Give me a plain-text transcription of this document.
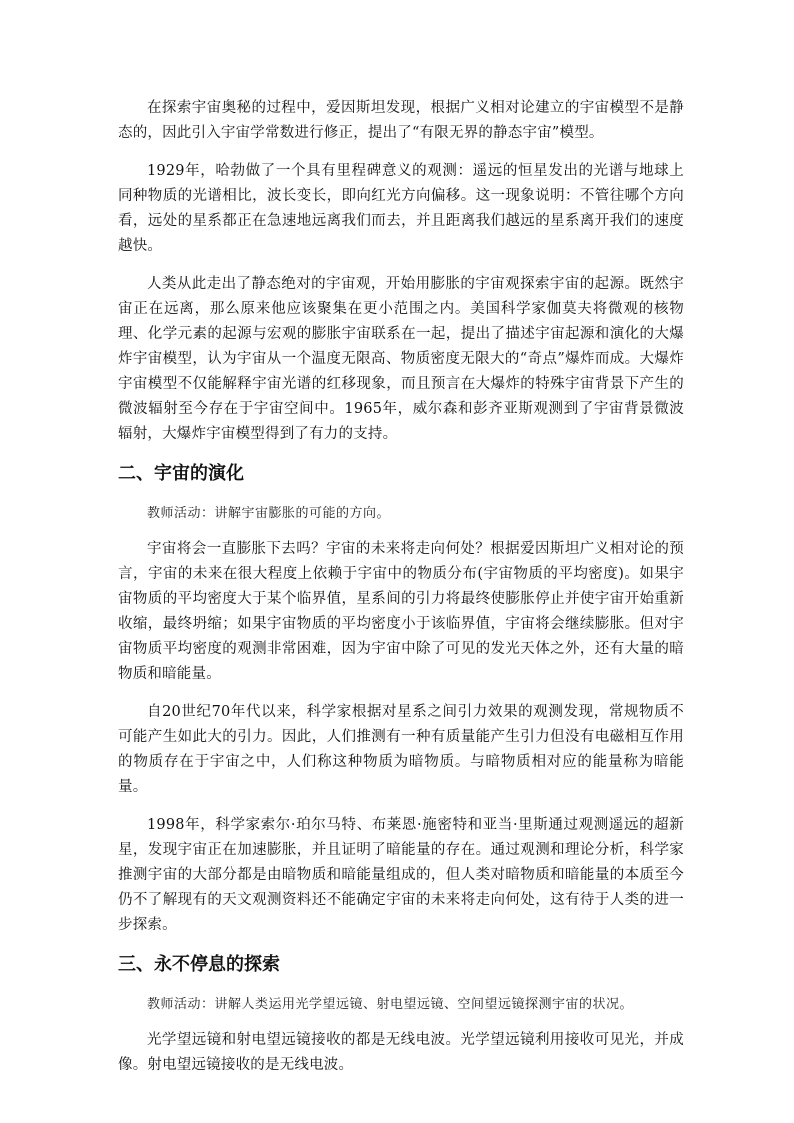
在探索宇宙奥秘的过程中，爱因斯坦发现，根据广义相对论建立的宇宙模型不是静态的，因此引入宇宙学常数进行修正，提出了“有限无界的静态宇宙”模型。

1929年，哈勃做了一个具有里程碑意义的观测：遥远的恒星发出的光谱与地球上同种物质的光谱相比，波长变长，即向红光方向偏移。这一现象说明：不管往哪个方向看，远处的星系都正在急速地远离我们而去，并且距离我们越远的星系离开我们的速度越快。

人类从此走出了静态绝对的宇宙观，开始用膨胀的宇宙观探索宇宙的起源。既然宇宙正在远离，那么原来他应该聚集在更小范围之内。美国科学家伽莫夫将微观的核物理、化学元素的起源与宏观的膨胀宇宙联系在一起，提出了描述宇宙起源和演化的大爆炸宇宙模型，认为宇宙从一个温度无限高、物质密度无限大的“奇点”爆炸而成。大爆炸宇宙模型不仅能解释宇宙光谱的红移现象，而且预言在大爆炸的特殊宇宙背景下产生的微波辐射至今存在于宇宙空间中。1965年，威尔森和彭齐亚斯观测到了宇宙背景微波辐射，大爆炸宇宙模型得到了有力的支持。

二、宇宙的演化

教师活动：讲解宇宙膨胀的可能的方向。

宇宙将会一直膨胀下去吗？宇宙的未来将走向何处？根据爱因斯坦广义相对论的预言，宇宙的未来在很大程度上依赖于宇宙中的物质分布(宇宙物质的平均密度)。如果宇宙物质的平均密度大于某个临界值，星系间的引力将最终使膨胀停止并使宇宙开始重新收缩，最终坍缩；如果宇宙物质的平均密度小于该临界值，宇宙将会继续膨胀。但对宇宙物质平均密度的观测非常困难，因为宇宙中除了可见的发光天体之外，还有大量的暗物质和暗能量。

自20世纪70年代以来，科学家根据对星系之间引力效果的观测发现，常规物质不可能产生如此大的引力。因此，人们推测有一种有质量能产生引力但没有电磁相互作用的物质存在于宇宙之中，人们称这种物质为暗物质。与暗物质相对应的能量称为暗能量。

1998年，科学家索尔·珀尔马特、布莱恩·施密特和亚当·里斯通过观测遥远的超新星，发现宇宙正在加速膨胀，并且证明了暗能量的存在。通过观测和理论分析，科学家推测宇宙的大部分都是由暗物质和暗能量组成的，但人类对暗物质和暗能量的本质至今仍不了解现有的天文观测资料还不能确定宇宙的未来将走向何处，这有待于人类的进一步探索。

三、永不停息的探索

教师活动：讲解人类运用光学望远镜、射电望远镜、空间望远镜探测宇宙的状况。

光学望远镜和射电望远镜接收的都是无线电波。光学望远镜利用接收可见光，并成像。射电望远镜接收的是无线电波。
